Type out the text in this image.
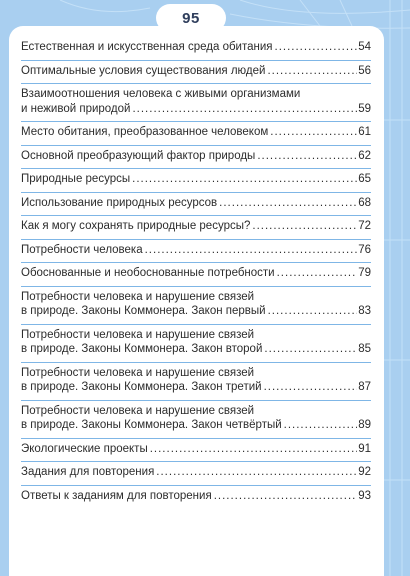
95
Естественная и искусственная среда обитания .....	54
Оптимальные условия существования людей .....	56
Взаимоотношения человека с живыми организмами
и неживой природой .....	59
Место обитания, преобразованное человеком .....	61
Основной преобразующий фактор природы .....	62
Природные ресурсы .....	65
Использование природных ресурсов .....	68
Как я могу сохранять природные ресурсы? .....	72
Потребности человека .....	76
Обоснованные и необоснованные потребности .....	79
Потребности человека и нарушение связей
в природе. Законы Коммонера. Закон первый .....	83
Потребности человека и нарушение связей
в природе. Законы Коммонера. Закон второй .....	85
Потребности человека и нарушение связей
в природе. Законы Коммонера. Закон третий .....	87
Потребности человека и нарушение связей
в природе. Законы Коммонера. Закон четвёртый .....	89
Экологические проекты .....	91
Задания для повторения .....	92
Ответы к заданиям для повторения .....	93
